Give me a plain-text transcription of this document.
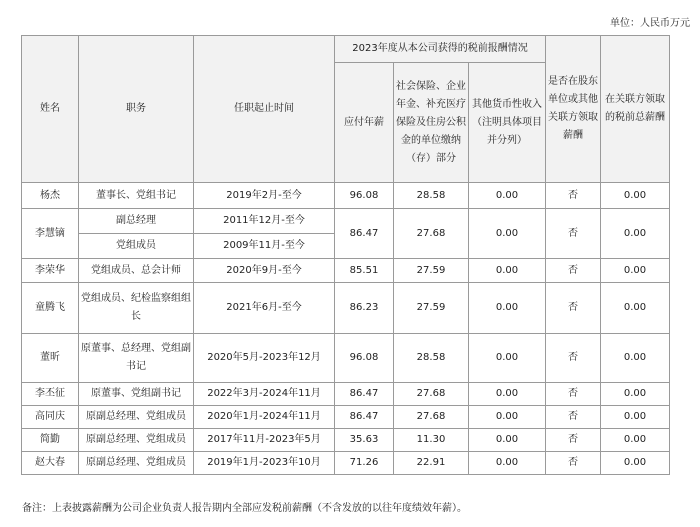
单位：人民币万元
姓名	职务	任职起止时间	2023年度从本公司获得的税前报酬情况			是否在股东单位或其他关联方领取薪酬	在关联方领取的税前总薪酬
			应付年薪	社会保险、企业年金、补充医疗保险及住房公积金的单位缴纳（存）部分	其他货币性收入（注明具体项目并分列）		
杨杰	董事长、党组书记	2019年2月-至今	96.08	28.58	0.00	否	0.00
李慧镝	副总经理	2011年12月-至今	86.47	27.68	0.00	否	0.00
	党组成员	2009年11月-至今					
李荣华	党组成员、总会计师	2020年9月-至今	85.51	27.59	0.00	否	0.00
童腾飞	党组成员、纪检监察组组长	2021年6月-至今	86.23	27.59	0.00	否	0.00
董昕	原董事、总经理、党组副书记	2020年5月-2023年12月	96.08	28.58	0.00	否	0.00
李丕征	原董事、党组副书记	2022年3月-2024年11月	86.47	27.68	0.00	否	0.00
高同庆	原副总经理、党组成员	2020年1月-2024年11月	86.47	27.68	0.00	否	0.00
简勤	原副总经理、党组成员	2017年11月-2023年5月	35.63	11.30	0.00	否	0.00
赵大春	原副总经理、党组成员	2019年1月-2023年10月	71.26	22.91	0.00	否	0.00
备注：上表披露薪酬为公司企业负责人报告期内全部应发税前薪酬（不含发放的以往年度绩效年薪）。
